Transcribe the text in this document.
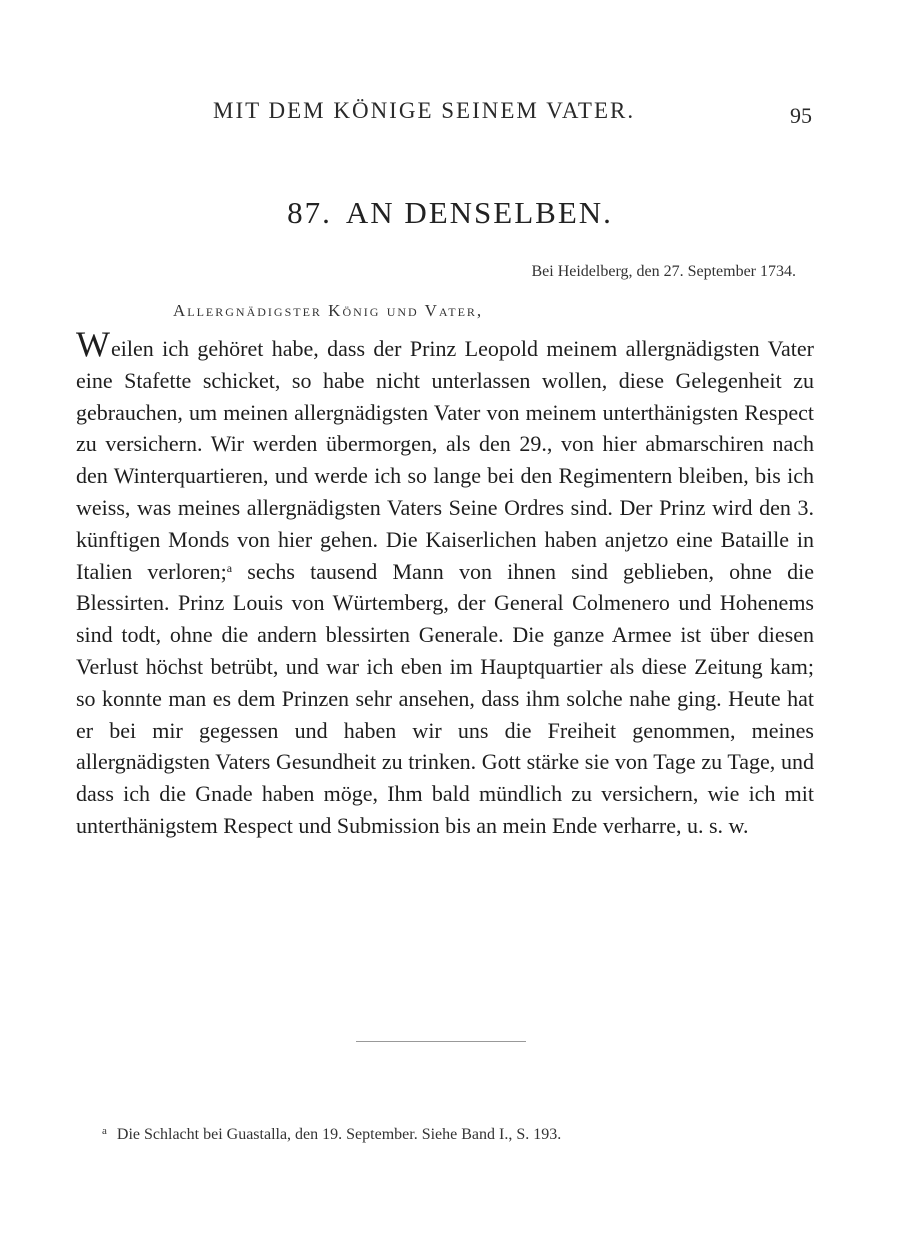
MIT DEM KÖNIGE SEINEM VATER.	95
87. AN DENSELBEN.
Bei Heidelberg, den 27. September 1734.
Allergnädigster König und Vater,

Weilen ich gehöret habe, dass der Prinz Leopold meinem allergnädigsten Vater eine Stafette schicket, so habe nicht unterlassen wollen, diese Gelegenheit zu gebrauchen, um meinen allergnädigsten Vater von meinem unterthänigsten Respect zu versichern. Wir werden übermorgen, als den 29., von hier abmarschiren nach den Winterquartieren, und werde ich so lange bei den Regimentern bleiben, bis ich weiss, was meines allergnädigsten Vaters Seine Ordres sind. Der Prinz wird den 3. künftigen Monds von hier gehen. Die Kaiserlichen haben anjetzo eine Bataille in Italien verloren;$^a$ sechs tausend Mann von ihnen sind geblieben, ohne die Blessirten. Prinz Louis von Würtemberg, der General Colmenero und Hohenems sind todt, ohne die andern blessirten Generale. Die ganze Armee ist über diesen Verlust höchst betrübt, und war ich eben im Hauptquartier als diese Zeitung kam; so konnte man es dem Prinzen sehr ansehen, dass ihm solche nahe ging. Heute hat er bei mir gegessen und haben wir uns die Freiheit genommen, meines allergnädigsten Vaters Gesundheit zu trinken. Gott stärke sie von Tage zu Tage, und dass ich die Gnade haben möge, Ihm bald mündlich zu versichern, wie ich mit unterthänigstem Respect und Submission bis an mein Ende verharre, u. s. w.

$^a$ Die Schlacht bei Guastalla, den 19. September. Siehe Band I., S. 193.
